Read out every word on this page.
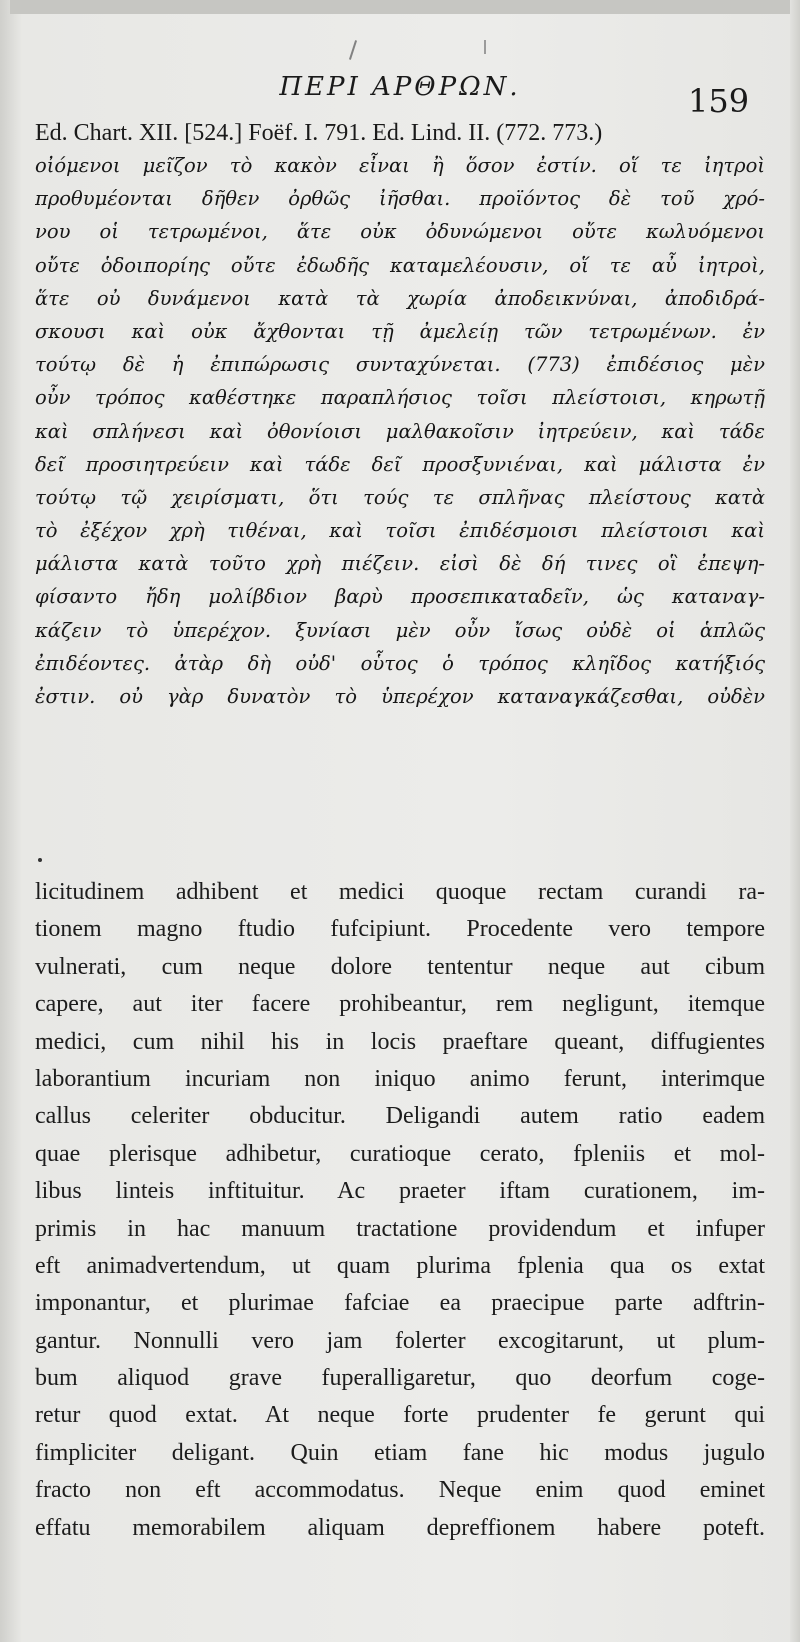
ΠΕΡΙ ΑΡΘΡΩΝ.	159
Ed. Chart. XII. [524.] Foëf. I. 791. Ed. Lind. II. (772. 773.)
οἰόμενοι μεῖζον τὸ κακὸν εἶναι ἢ ὅσον ἐστίν. οἵ τε ἰητροὶ
προθυμέονται δῆθεν ὀρθῶς ἰῆσθαι. προϊόντος δὲ τοῦ χρό-
νου οἱ τετρωμένοι, ἅτε οὐκ ὀδυνώμενοι οὔτε κωλυόμενοι
οὔτε ὁδοιπορίης οὔτε ἐδωδῆς καταμελέουσιν, οἵ τε αὖ ἰητροὶ,
ἅτε οὐ δυνάμενοι κατὰ τὰ χωρία ἀποδεικνύναι, ἀποδιδρά-
σκουσι καὶ οὐκ ἄχθονται τῇ ἀμελείῃ τῶν τετρωμένων. ἐν
τούτῳ δὲ ἡ ἐπιπώρωσις συνταχύνεται. (773) ἐπιδέσιος μὲν
οὖν τρόπος καθέστηκε παραπλήσιος τοῖσι πλείστοισι, κηρωτῇ
καὶ σπλήνεσι καὶ ὀθονίοισι μαλθακοῖσιν ἰητρεύειν, καὶ τάδε
δεῖ προσιητρεύειν καὶ τάδε δεῖ προσξυνιέναι, καὶ μάλιστα ἐν
τούτῳ τῷ χειρίσματι, ὅτι τούς τε σπλῆνας πλείστους κατὰ
τὸ ἐξέχον χρὴ τιθέναι, καὶ τοῖσι ἐπιδέσμοισι πλείστοισι καὶ
μάλιστα κατὰ τοῦτο χρὴ πιέζειν. εἰσὶ δὲ δή τινες οἳ ἐπεψη-
φίσαντο ἤδη μολίβδιον βαρὺ προσεπικαταδεῖν, ὡς καταναγ-
κάζειν τὸ ὑπερέχον. ξυνίασι μὲν οὖν ἴσως οὐδὲ οἱ ἁπλῶς
ἐπιδέοντες. ἀτὰρ δὴ οὐδ' οὗτος ὁ τρόπος κληῖδος κατήξιός
ἐστιν. οὐ γὰρ δυνατὸν τὸ ὑπερέχον καταναγκάζεσθαι, οὐδὲν
licitudinem adhibent et medici quoque rectam curandi ra-
tionem magno ftudio fufcipiunt. Procedente vero tempore
vulnerati, cum neque dolore tententur neque aut cibum
capere, aut iter facere prohibeantur, rem negligunt, itemque
medici, cum nihil his in locis praeftare queant, diffugientes
laborantium incuriam non iniquo animo ferunt, interimque
callus celeriter obducitur. Deligandi autem ratio eadem
quae plerisque adhibetur, curatioque cerato, fpleniis et mol-
libus linteis inftituitur. Ac praeter iftam curationem, im-
primis in hac manuum tractatione providendum et infuper
eft animadvertendum, ut quam plurima fplenia qua os extat
imponantur, et plurimae fafciae ea praecipue parte adftrin-
gantur. Nonnulli vero jam folerter excogitarunt, ut plum-
bum aliquod grave fuperalligaretur, quo deorfum coge-
retur quod extat. At neque forte prudenter fe gerunt qui
fimpliciter deligant. Quin etiam fane hic modus jugulo
fracto non eft accommodatus. Neque enim quod eminet
effatu memorabilem aliquam depreffionem habere poteft.
